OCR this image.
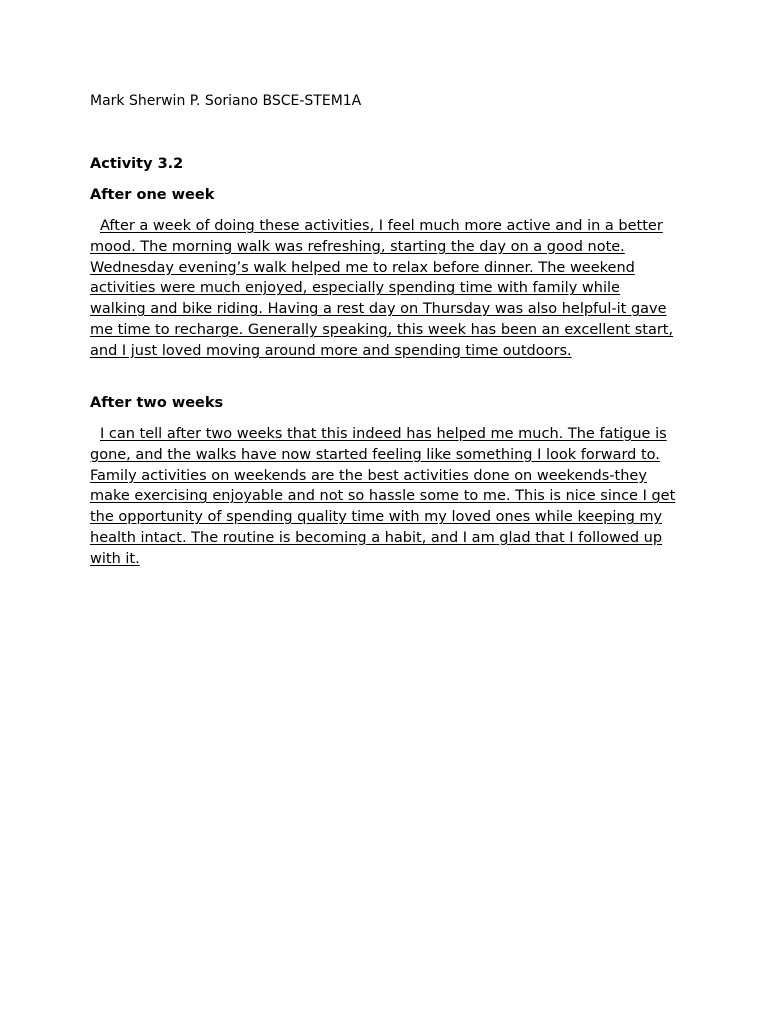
Mark Sherwin P. Soriano BSCE-STEM1A
Activity 3.2
After one week

After a week of doing these activities, I feel much more active and in a better mood. The morning walk was refreshing, starting the day on a good note. Wednesday evening’s walk helped me to relax before dinner. The weekend activities were much enjoyed, especially spending time with family while walking and bike riding. Having a rest day on Thursday was also helpful-it gave me time to recharge. Generally speaking, this week has been an excellent start, and I just loved moving around more and spending time outdoors.

After two weeks

I can tell after two weeks that this indeed has helped me much. The fatigue is gone, and the walks have now started feeling like something I look forward to. Family activities on weekends are the best activities done on weekends-they make exercising enjoyable and not so hassle some to me. This is nice since I get the opportunity of spending quality time with my loved ones while keeping my health intact. The routine is becoming a habit, and I am glad that I followed up with it.
